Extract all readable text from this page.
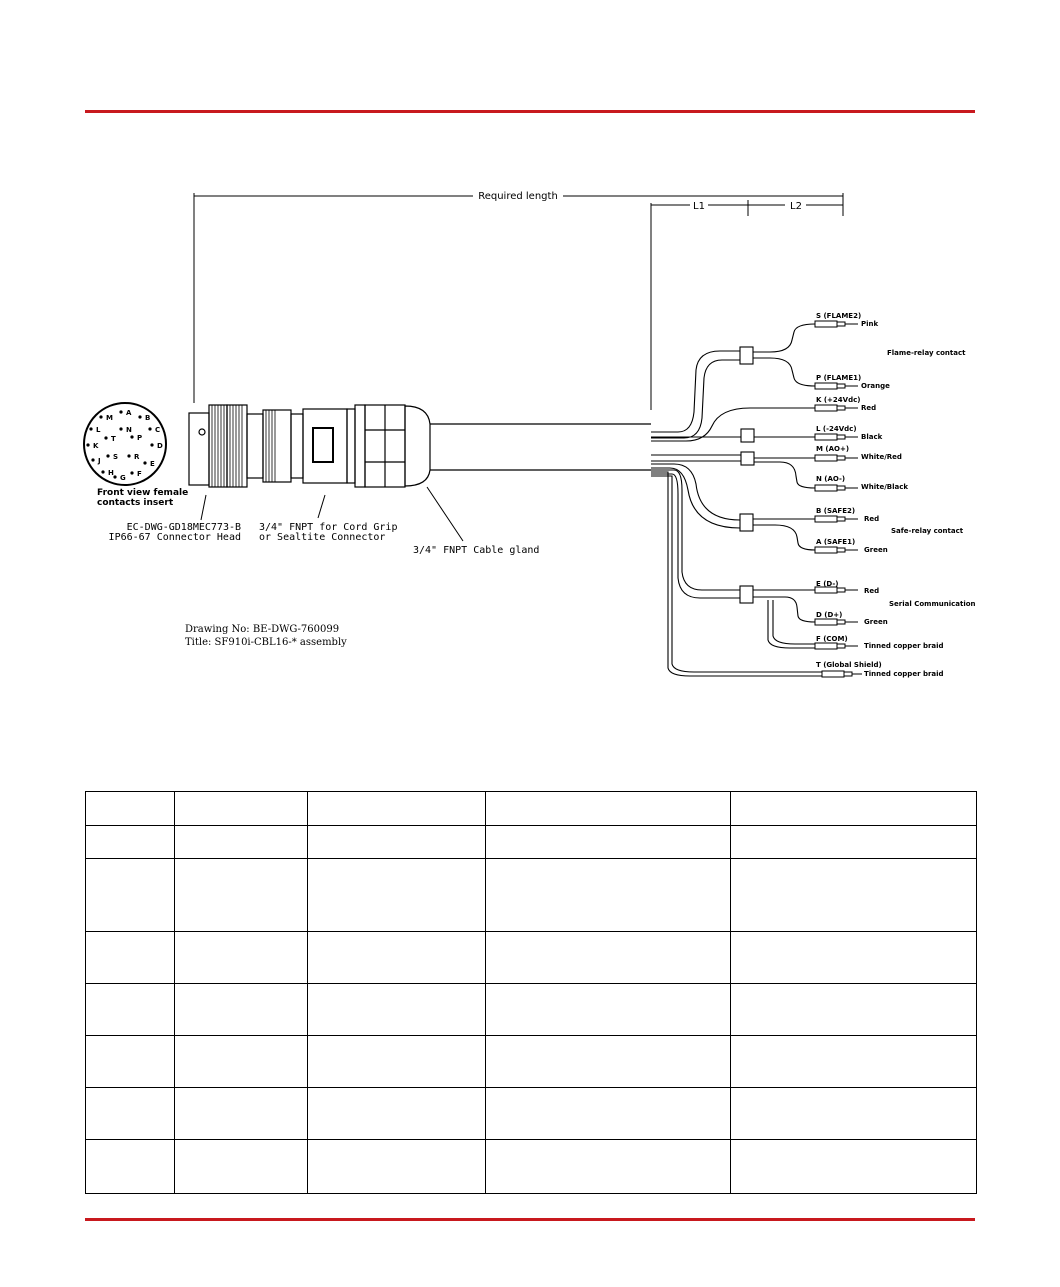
Required length
L1	L2
A
B
C
D
E
F
G
H
J
K
L
M
N
P
R
S
T
Front view female
contacts insert
S (FLAME2)
Pink
P (FLAME1)
Orange
K (+24Vdc)
Red
L (-24Vdc)
Black
M (AO+)
White/Red
N (AO-)
White/Black
B (SAFE2)
Red
A (SAFE1)
Green
E (D-)
Red
D (D+)
Green
F (COM)
Tinned copper braid
T (Global Shield)
Tinned copper braid
Flame-relay contact
Safe-relay contact
Serial Communication
EC-DWG-GD18MEC773-B
IP66-67 Connector Head
3/4" FNPT for Cord Grip
or Sealtite Connector
3/4" FNPT Cable gland
Drawing No: BE-DWG-760099
Title: SF910i-CBL16-* assembly
